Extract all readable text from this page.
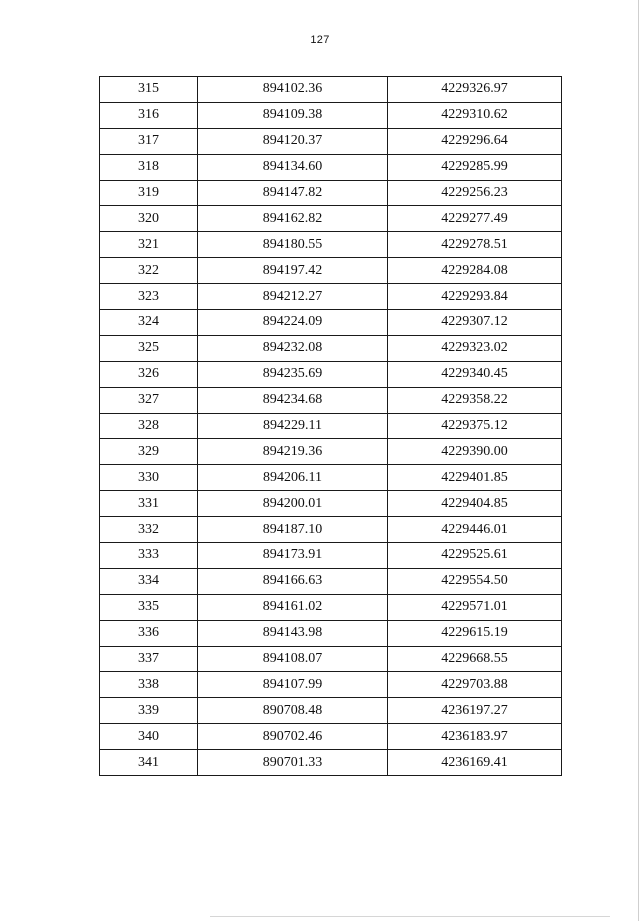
127
315	894102.36	4229326.97
316	894109.38	4229310.62
317	894120.37	4229296.64
318	894134.60	4229285.99
319	894147.82	4229256.23
320	894162.82	4229277.49
321	894180.55	4229278.51
322	894197.42	4229284.08
323	894212.27	4229293.84
324	894224.09	4229307.12
325	894232.08	4229323.02
326	894235.69	4229340.45
327	894234.68	4229358.22
328	894229.11	4229375.12
329	894219.36	4229390.00
330	894206.11	4229401.85
331	894200.01	4229404.85
332	894187.10	4229446.01
333	894173.91	4229525.61
334	894166.63	4229554.50
335	894161.02	4229571.01
336	894143.98	4229615.19
337	894108.07	4229668.55
338	894107.99	4229703.88
339	890708.48	4236197.27
340	890702.46	4236183.97
341	890701.33	4236169.41
